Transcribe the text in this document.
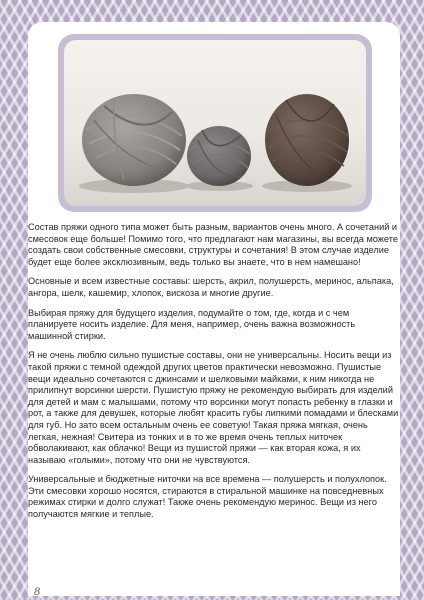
Состав пряжи одного типа может быть разным, вариантов очень много. А сочетаний и смесовок еще больше! Помимо того, что предлагают нам магазины, вы всегда можете создать свои собственные смесовки, структуры и сочетания! В этом случае изделие будет еще более эксклюзивным, ведь только вы знаете, что в нем намешано!

Основные и всем известные составы: шерсть, акрил, полушерсть, меринос, альпака, ангора, шелк, кашемир, хлопок, вискоза и многие другие.

Выбирая пряжу для будущего изделия, подумайте о том, где, когда и с чем планируете носить изделие. Для меня, например, очень важна возможность машинной стирки.

Я не очень люблю сильно пушистые составы, они не универсальны. Носить вещи из такой пряжи с темной одеждой других цветов практически невозможно. Пушистые вещи идеально сочетаются с джинсами и шелковыми майками, к ним никогда не прилипнут ворсинки шерсти. Пушистую пряжу не рекомендую выбирать для изделий для детей и мам с малышами, потому что ворсинки могут попасть ребенку в глазки и рот, а также для девушек, которые любят красить губы липкими помадами и блесками для губ. Но зато всем остальным очень ее советую! Такая пряжа мягкая, очень легкая, нежная! Свитера из тонких и в то же время очень теплых ниточек обволакивают, как облачко! Вещи из пушистой пряжи — как вторая кожа, я их называю «голыми», потому что они не чувствуются.

Универсальные и бюджетные ниточки на все времена — полушерсть и полухлопок. Эти смесовки хорошо носятся, стираются в стиральной машинке на повседневных режимах стирки и долго служат! Также очень рекомендую меринос. Вещи из него получаются мягкие и теплые.

8
